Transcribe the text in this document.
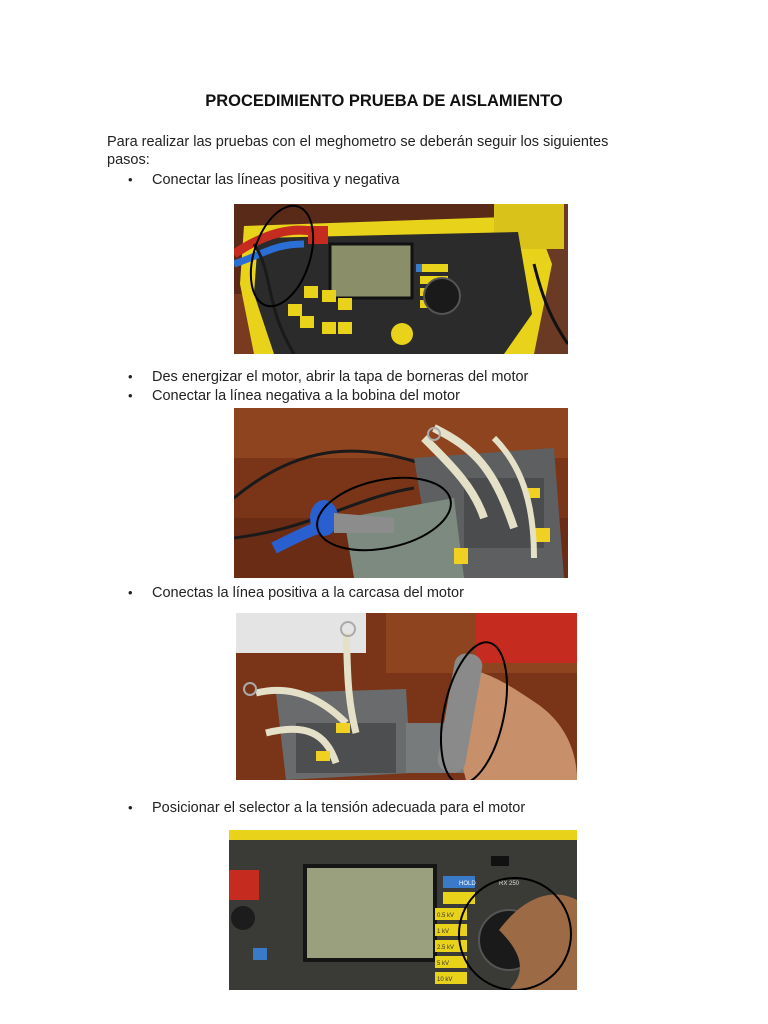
PROCEDIMIENTO PRUEBA DE AISLAMIENTO
Para realizar las pruebas con el meghometro se deberán seguir los siguientes pasos:
• Conectar las líneas positiva y negativa
• Des energizar el motor, abrir la tapa de borneras del motor
• Conectar la línea negativa a la bobina del motor
• Conectas la línea positiva a la carcasa del motor
• Posicionar el selector a la tensión adecuada para el motor
HOLD	RX 250
0.5 kV
1 kV
2.5 kV
5 kV
10 kV
